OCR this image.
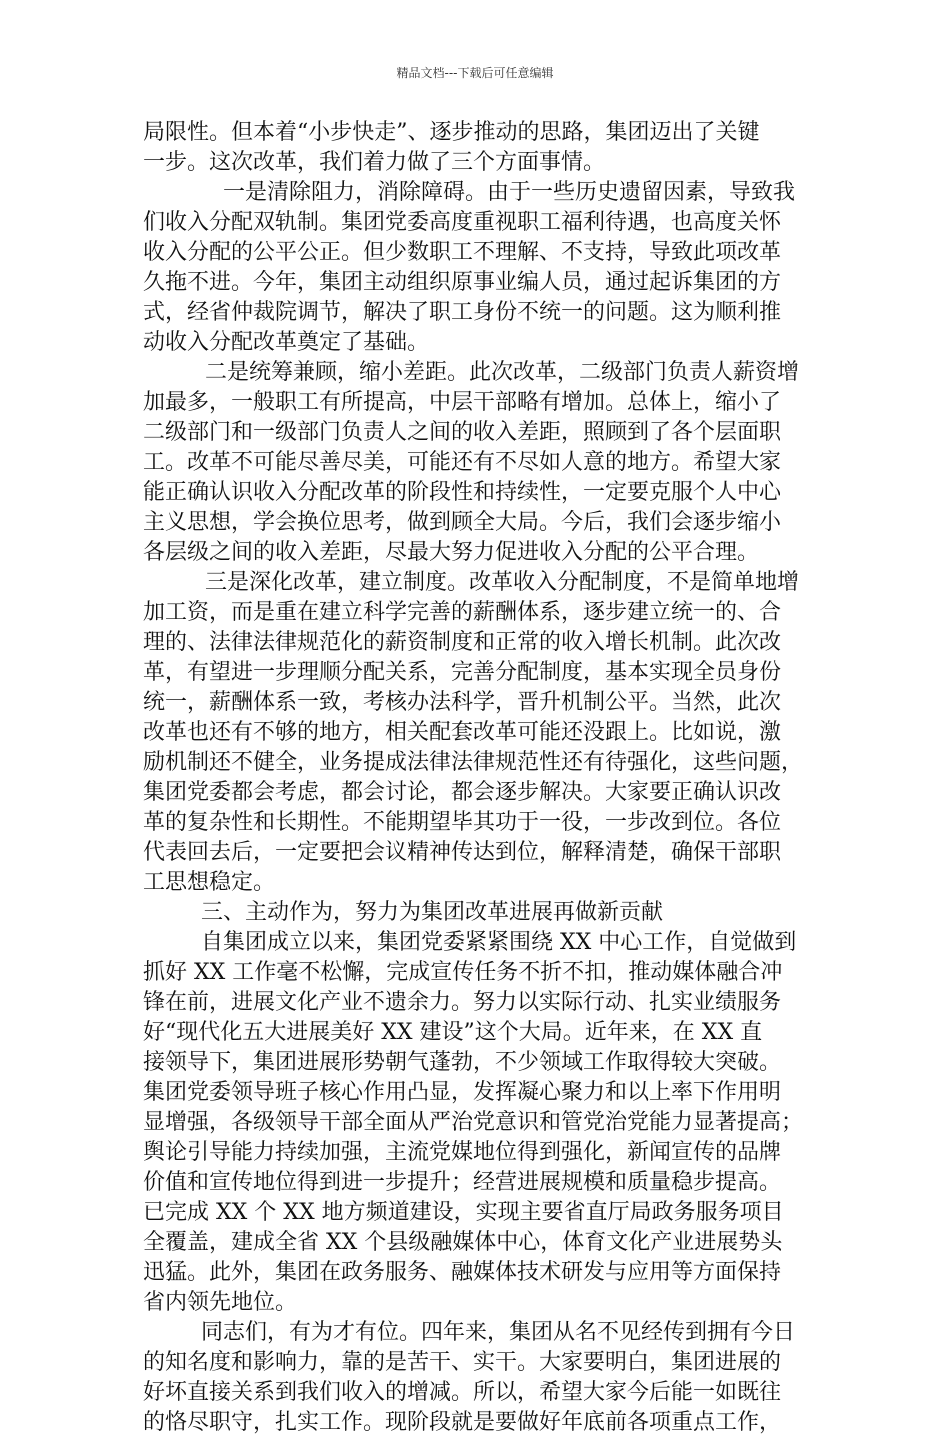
精品文档---下载后可任意编辑
局限性。但本着“小步快走”、逐步推动的思路，集团迈出了关键
一步。这次改革，我们着力做了三个方面事情。
一是清除阻力，消除障碍。由于一些历史遗留因素，导致我
们收入分配双轨制。集团党委高度重视职工福利待遇，也高度关怀
收入分配的公平公正。但少数职工不理解、不支持，导致此项改革
久拖不进。今年，集团主动组织原事业编人员，通过起诉集团的方
式，经省仲裁院调节，解决了职工身份不统一的问题。这为顺利推
动收入分配改革奠定了基础。
二是统筹兼顾，缩小差距。此次改革，二级部门负责人薪资增
加最多，一般职工有所提高，中层干部略有增加。总体上，缩小了
二级部门和一级部门负责人之间的收入差距，照顾到了各个层面职
工。改革不可能尽善尽美，可能还有不尽如人意的地方。希望大家
能正确认识收入分配改革的阶段性和持续性，一定要克服个人中心
主义思想，学会换位思考，做到顾全大局。今后，我们会逐步缩小
各层级之间的收入差距，尽最大努力促进收入分配的公平合理。
三是深化改革，建立制度。改革收入分配制度，不是简单地增
加工资，而是重在建立科学完善的薪酬体系，逐步建立统一的、合
理的、法律法律规范化的薪资制度和正常的收入增长机制。此次改
革，有望进一步理顺分配关系，完善分配制度，基本实现全员身份
统一，薪酬体系一致，考核办法科学，晋升机制公平。当然，此次
改革也还有不够的地方，相关配套改革可能还没跟上。比如说，激
励机制还不健全，业务提成法律法律规范性还有待强化，这些问题，
集团党委都会考虑，都会讨论，都会逐步解决。大家要正确认识改
革的复杂性和长期性。不能期望毕其功于一役，一步改到位。各位
代表回去后，一定要把会议精神传达到位，解释清楚，确保干部职
工思想稳定。
三、主动作为，努力为集团改革进展再做新贡献
自集团成立以来，集团党委紧紧围绕 XX 中心工作，自觉做到
抓好 XX 工作毫不松懈，完成宣传任务不折不扣，推动媒体融合冲
锋在前，进展文化产业不遗余力。努力以实际行动、扎实业绩服务
好“现代化五大进展美好 XX 建设”这个大局。近年来，在 XX 直
接领导下，集团进展形势朝气蓬勃，不少领域工作取得较大突破。
集团党委领导班子核心作用凸显，发挥凝心聚力和以上率下作用明
显增强，各级领导干部全面从严治党意识和管党治党能力显著提高；
舆论引导能力持续加强，主流党媒地位得到强化，新闻宣传的品牌
价值和宣传地位得到进一步提升；经营进展规模和质量稳步提高。
已完成 XX 个 XX 地方频道建设，实现主要省直厅局政务服务项目
全覆盖，建成全省 XX 个县级融媒体中心，体育文化产业进展势头
迅猛。此外，集团在政务服务、融媒体技术研发与应用等方面保持
省内领先地位。
同志们，有为才有位。四年来，集团从名不见经传到拥有今日
的知名度和影响力，靠的是苦干、实干。大家要明白，集团进展的
好坏直接关系到我们收入的增减。所以，希望大家今后能一如既往
的恪尽职守，扎实工作。现阶段就是要做好年底前各项重点工作，
